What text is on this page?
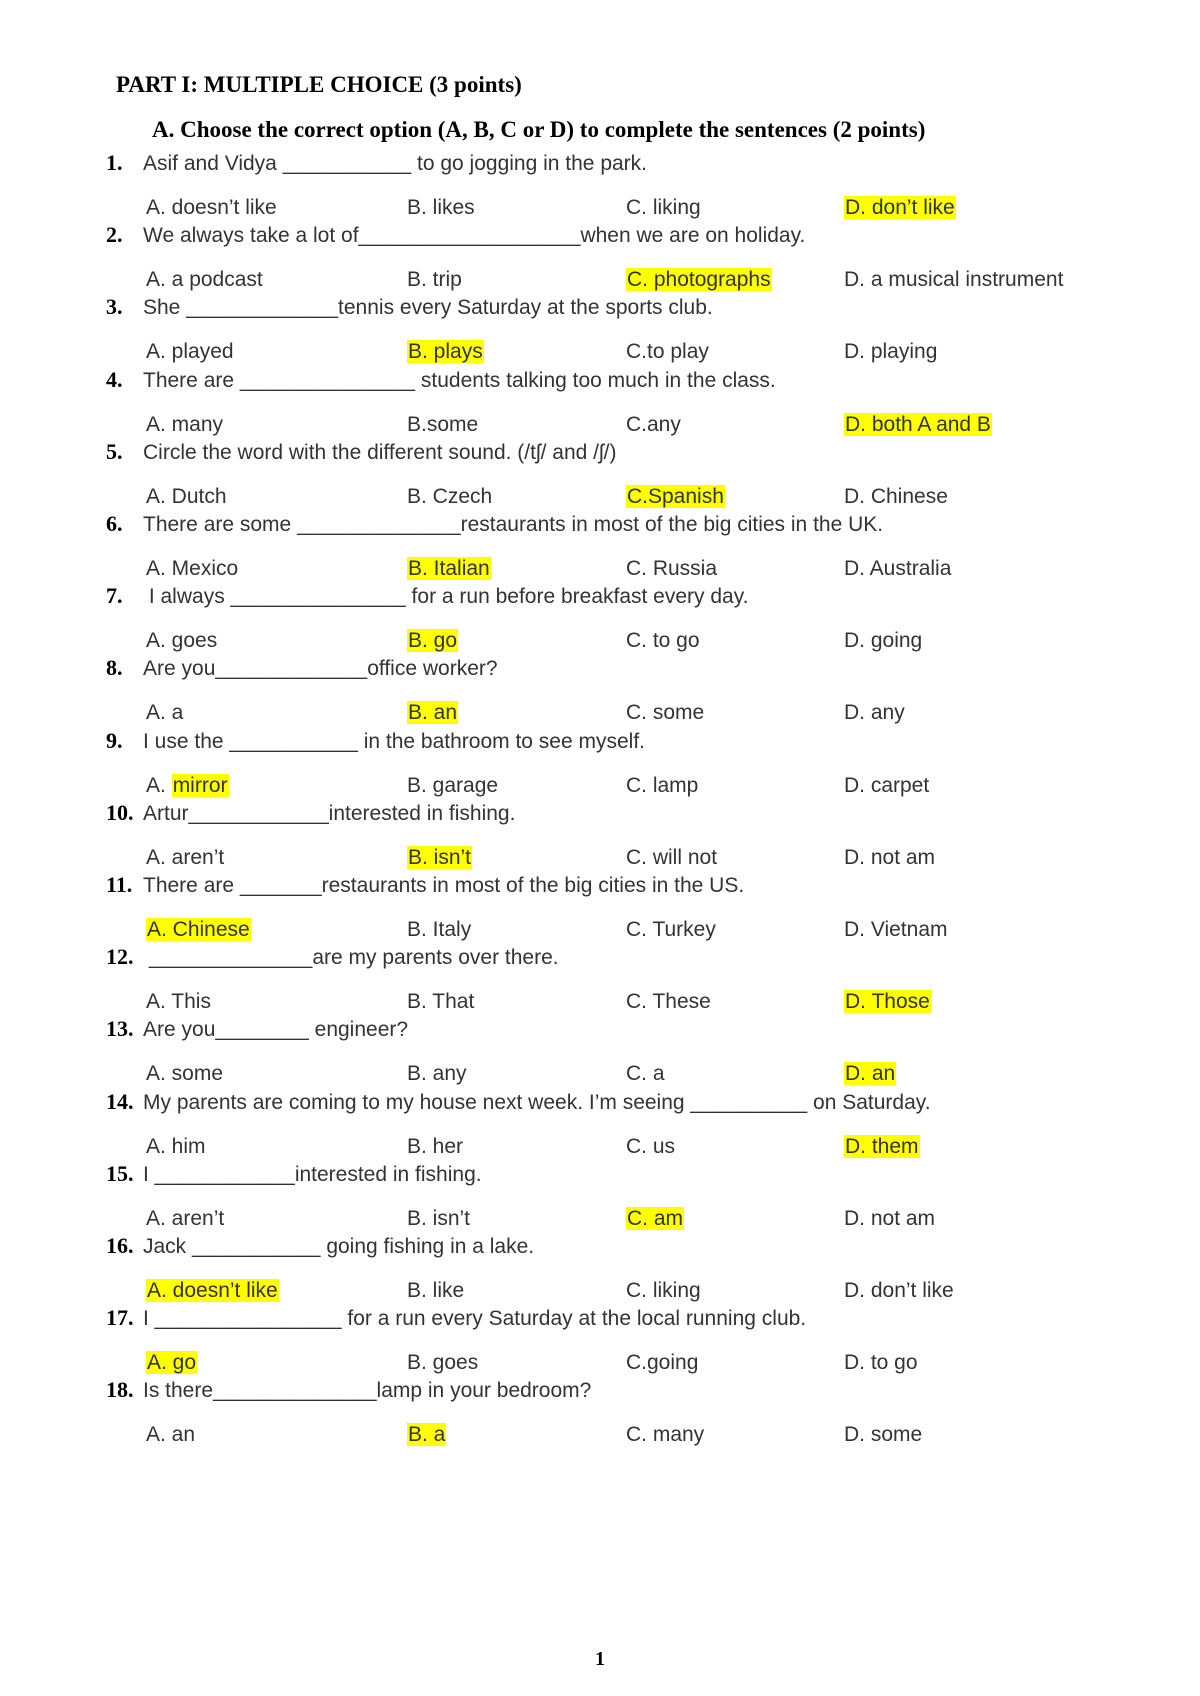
PART I: MULTIPLE CHOICE (3 points)
A. Choose the correct option (A, B, C or D) to complete the sentences (2 points)
1. Asif and Vidya ___________ to go jogging in the park.
A. doesn’t like	B. likes	C. liking	D. don’t like
2. We always take a lot of___________________when we are on holiday.
A. a podcast	B. trip	C. photographs	D. a musical instrument
3. She _____________tennis every Saturday at the sports club.
A. played	B. plays	C.to play	D. playing
4. There are _______________ students talking too much in the class.
A. many	B.some	C.any	D. both A and B
5. Circle the word with the different sound. (/tʃ/ and /ʃ/)
A. Dutch	B. Czech	C.Spanish	D. Chinese
6. There are some ______________restaurants in most of the big cities in the UK.
A. Mexico	B. Italian	C. Russia	D. Australia
7. I always _______________ for a run before breakfast every day.
A. goes	B. go	C. to go	D. going
8. Are you_____________office worker?
A. a	B. an	C. some	D. any
9. I use the ___________ in the bathroom to see myself.
A. mirror	B. garage	C. lamp	D. carpet
10. Artur____________interested in fishing.
A. aren’t	B. isn’t	C. will not	D. not am
11. There are _______restaurants in most of the big cities in the US.
A. Chinese	B. Italy	C. Turkey	D. Vietnam
12. ______________are my parents over there.
A. This	B. That	C. These	D. Those
13. Are you________ engineer?
A. some	B. any	C. a	D. an
14. My parents are coming to my house next week. I’m seeing __________ on Saturday.
A. him	B. her	C. us	D. them
15. I ____________interested in fishing.
A. aren’t	B. isn’t	C. am	D. not am
16. Jack ___________ going fishing in a lake.
A. doesn’t like	B. like	C. liking	D. don’t like
17. I ________________ for a run every Saturday at the local running club.
A. go	B. goes	C.going	D. to go
18. Is there______________lamp in your bedroom?
A. an	B. a	C. many	D. some
1
